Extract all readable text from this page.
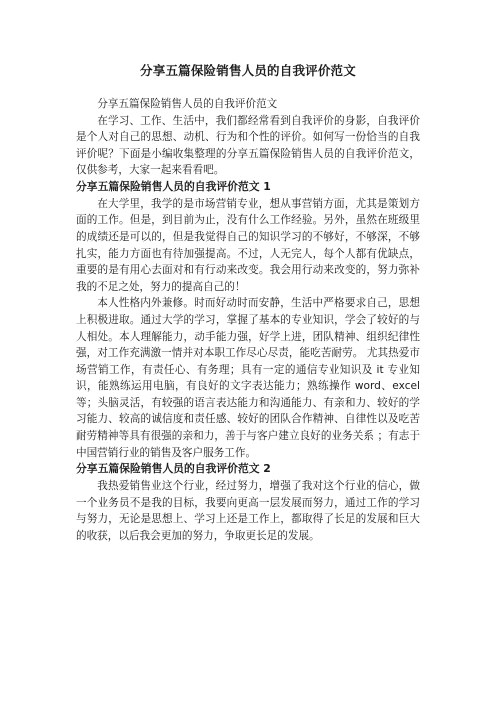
分享五篇保险销售人员的自我评价范文

分享五篇保险销售人员的自我评价范文

在学习、工作、生活中，我们都经常看到自我评价的身影，自我评价是个人对自己的思想、动机、行为和个性的评价。如何写一份恰当的自我评价呢？下面是小编收集整理的分享五篇保险销售人员的自我评价范文，仅供参考，大家一起来看看吧。

分享五篇保险销售人员的自我评价范文 1

在大学里，我学的是市场营销专业，想从事营销方面，尤其是策划方面的工作。但是，到目前为止，没有什么工作经验。另外，虽然在班级里的成绩还是可以的，但是我觉得自己的知识学习的不够好，不够深，不够扎实，能力方面也有待加强提高。不过，人无完人，每个人都有优缺点，重要的是有用心去面对和有行动来改变。我会用行动来改变的，努力弥补我的不足之处，努力的提高自己的！

本人性格内外兼修。时而好动时而安静，生活中严格要求自己，思想上积极进取。通过大学的学习，掌握了基本的专业知识，学会了较好的与人相处。本人理解能力，动手能力强，好学上进，团队精神、组织纪律性强，对工作充满激一情并对本职工作尽心尽责，能吃苦耐劳。 尤其热爱市场营销工作，有责任心、有务理；具有一定的通信专业知识及 it 专业知识，能熟练运用电脑，有良好的文字表达能力；熟练操作 word、excel 等；头脑灵活，有较强的语言表达能力和沟通能力、有亲和力、较好的学习能力、较高的诚信度和责任感、较好的团队合作精神、自律性以及吃苦耐劳精神等具有很强的亲和力，善于与客户建立良好的业务关系 ；有志于中国营销行业的销售及客户服务工作。

分享五篇保险销售人员的自我评价范文 2

我热爱销售业这个行业，经过努力，增强了我对这个行业的信心，做一个业务员不是我的目标，我要向更高一层发展而努力，通过工作的学习与努力，无论是思想上、学习上还是工作上，都取得了长足的发展和巨大的收获，以后我会更加的努力，争取更长足的发展。
